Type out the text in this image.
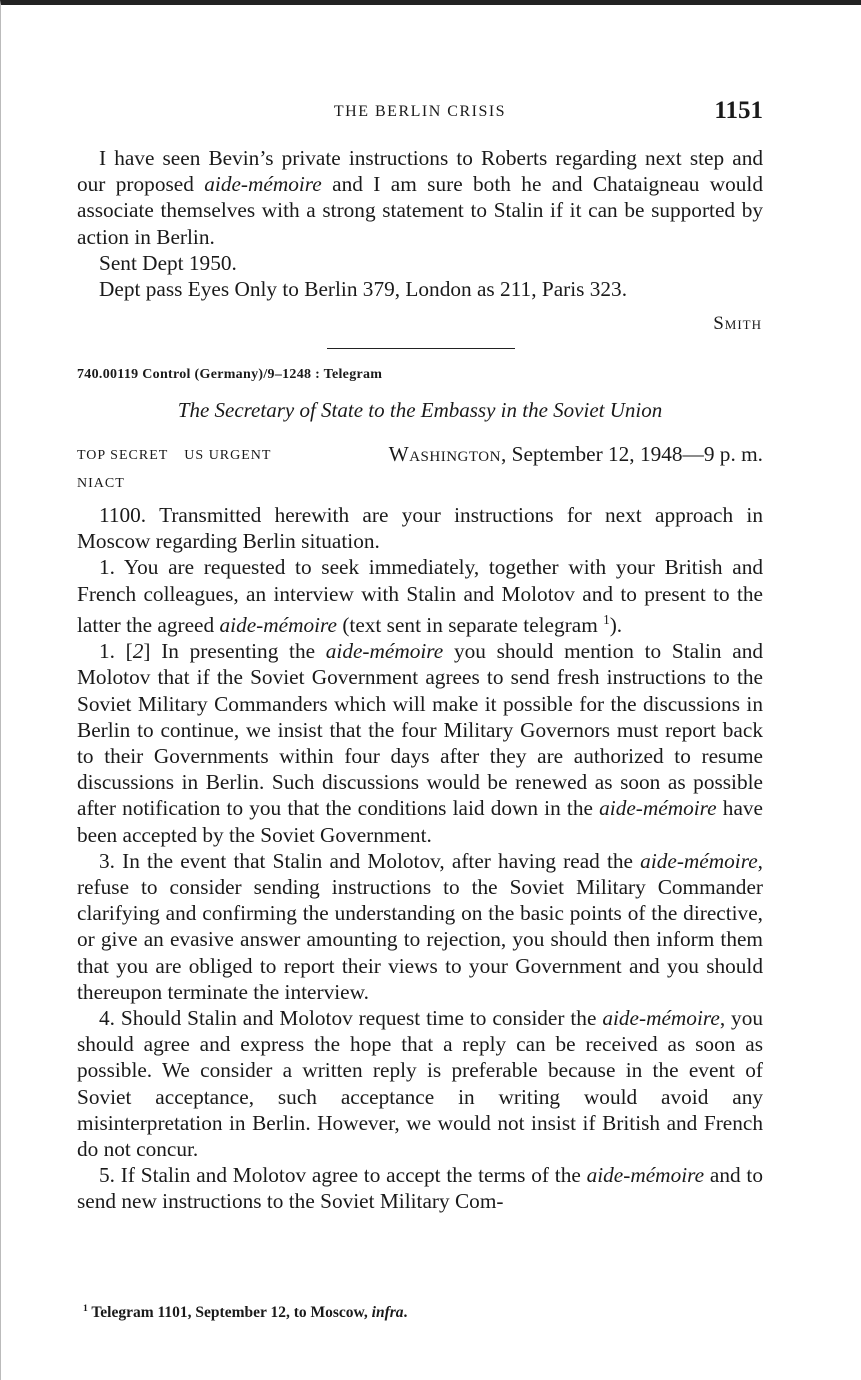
THE BERLIN CRISIS	1151

I have seen Bevin’s private instructions to Roberts regarding next step and our proposed aide-mémoire and I am sure both he and Chataigneau would associate themselves with a strong statement to Stalin if it can be supported by action in Berlin.

Sent Dept 1950.

Dept pass Eyes Only to Berlin 379, London as 211, Paris 323.

Smith
740.00119 Control (Germany)/9–1248 : Telegram
The Secretary of State to the Embassy in the Soviet Union
TOP SECRET US URGENT	Washington, September 12, 1948—9 p. m.
NIACT

1100. Transmitted herewith are your instructions for next approach in Moscow regarding Berlin situation.

1. You are requested to seek immediately, together with your British and French colleagues, an interview with Stalin and Molotov and to present to the latter the agreed aide-mémoire (text sent in separate telegram $^1$).

1. [2] In presenting the aide-mémoire you should mention to Stalin and Molotov that if the Soviet Government agrees to send fresh instructions to the Soviet Military Commanders which will make it possible for the discussions in Berlin to continue, we insist that the four Military Governors must report back to their Governments within four days after they are authorized to resume discussions in Berlin. Such discussions would be renewed as soon as possible after notification to you that the conditions laid down in the aide-mémoire have been accepted by the Soviet Government.

3. In the event that Stalin and Molotov, after having read the aide-mémoire, refuse to consider sending instructions to the Soviet Military Commander clarifying and confirming the understanding on the basic points of the directive, or give an evasive answer amounting to rejection, you should then inform them that you are obliged to report their views to your Government and you should thereupon terminate the interview.

4. Should Stalin and Molotov request time to consider the aide-mémoire, you should agree and express the hope that a reply can be received as soon as possible. We consider a written reply is preferable because in the event of Soviet acceptance, such acceptance in writing would avoid any misinterpretation in Berlin. However, we would not insist if British and French do not concur.

5. If Stalin and Molotov agree to accept the terms of the aide-mémoire and to send new instructions to the Soviet Military Com-

$^1$ Telegram 1101, September 12, to Moscow, infra.
